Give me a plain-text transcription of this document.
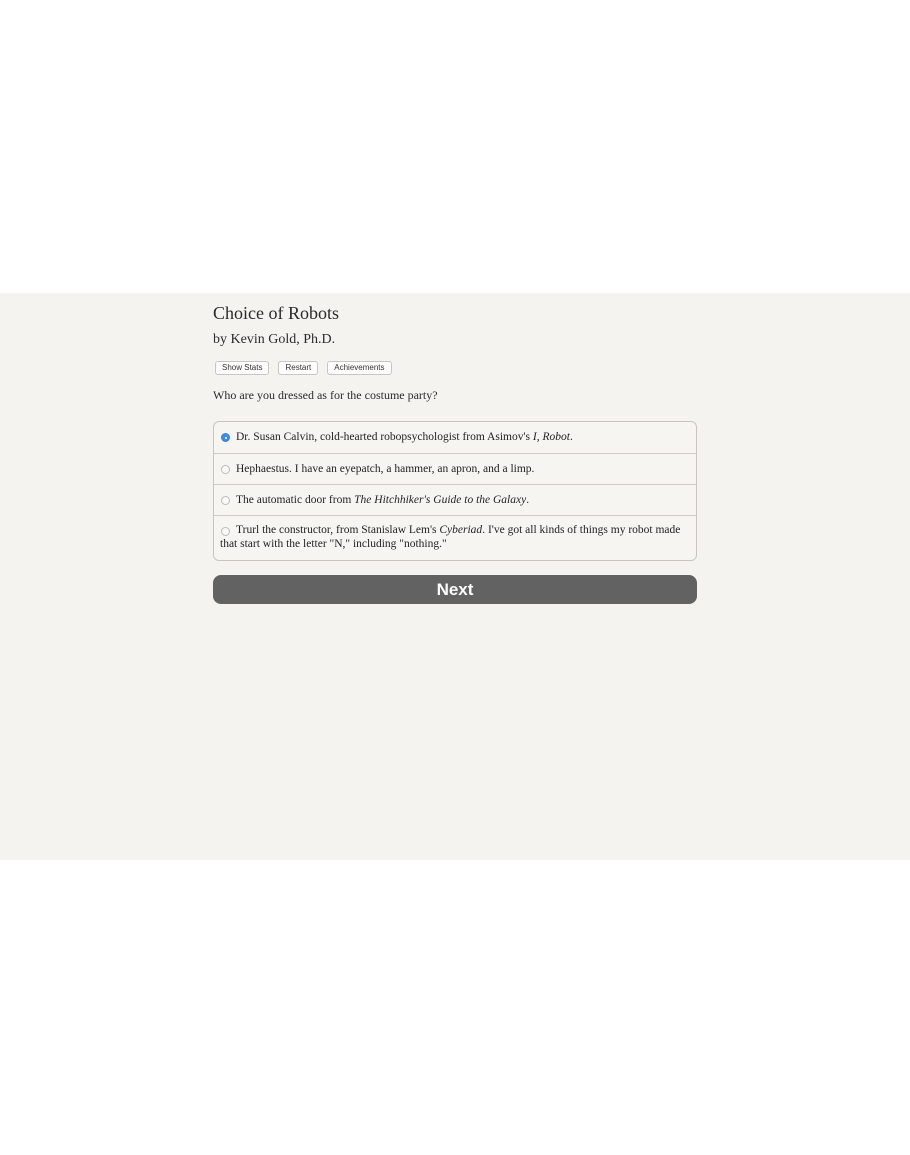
Choice of Robots
by Kevin Gold, Ph.D.
Show Stats	Restart	Achievements
Who are you dressed as for the costume party?
Dr. Susan Calvin, cold-hearted robopsychologist from Asimov's I, Robot.
Hephaestus. I have an eyepatch, a hammer, an apron, and a limp.
The automatic door from The Hitchhiker's Guide to the Galaxy.
Trurl the constructor, from Stanislaw Lem's Cyberiad. I've got all kinds of things my robot made that start with the letter "N," including "nothing."
Next
